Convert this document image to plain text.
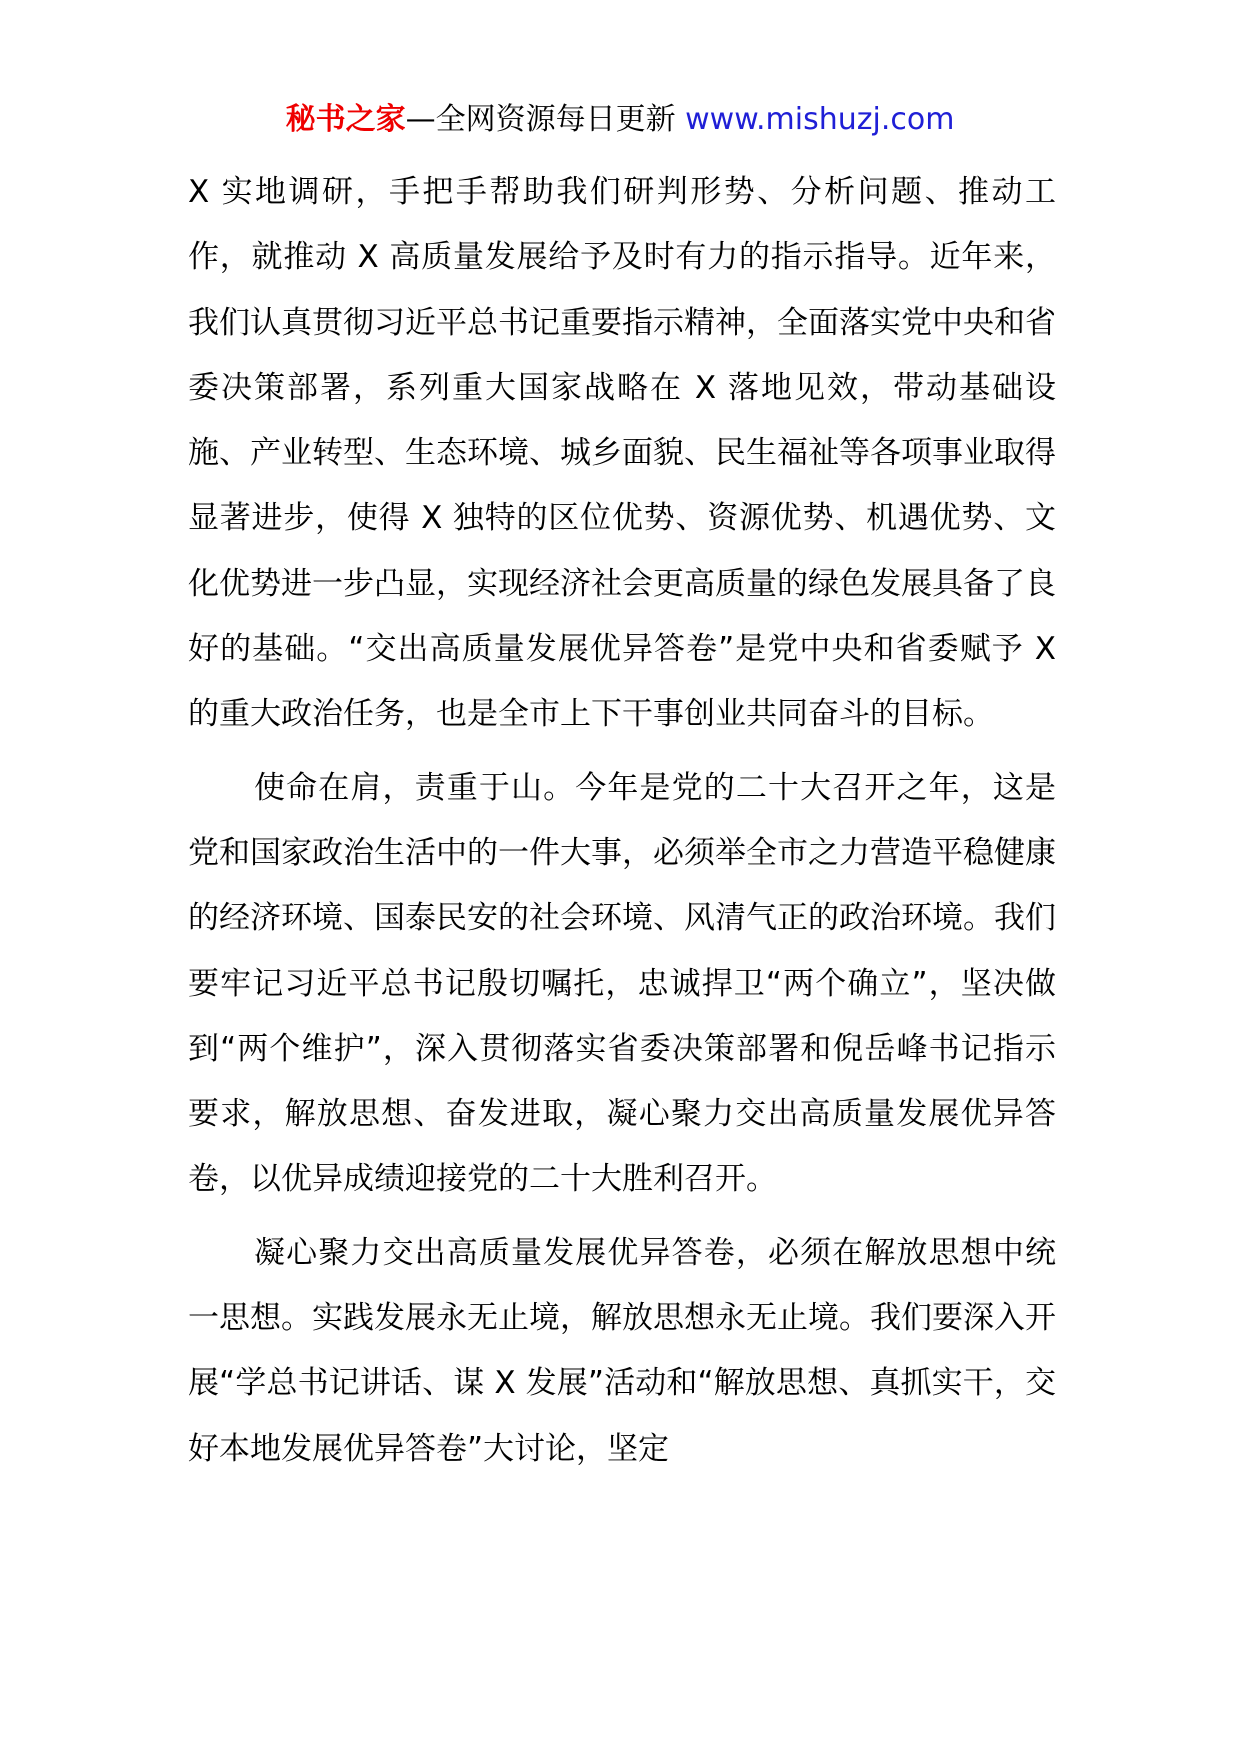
秘书之家—全网资源每日更新 www.mishuzj.com

X 实地调研，手把手帮助我们研判形势、分析问题、推动工作，就推动 X 高质量发展给予及时有力的指示指导。近年来，我们认真贯彻习近平总书记重要指示精神，全面落实党中央和省委决策部署，系列重大国家战略在 X 落地见效，带动基础设施、产业转型、生态环境、城乡面貌、民生福祉等各项事业取得显著进步，使得 X 独特的区位优势、资源优势、机遇优势、文化优势进一步凸显，实现经济社会更高质量的绿色发展具备了良好的基础。“交出高质量发展优异答卷”是党中央和省委赋予 X 的重大政治任务，也是全市上下干事创业共同奋斗的目标。

使命在肩，责重于山。今年是党的二十大召开之年，这是党和国家政治生活中的一件大事，必须举全市之力营造平稳健康的经济环境、国泰民安的社会环境、风清气正的政治环境。我们要牢记习近平总书记殷切嘱托，忠诚捍卫“两个确立”，坚决做到“两个维护”，深入贯彻落实省委决策部署和倪岳峰书记指示要求，解放思想、奋发进取，凝心聚力交出高质量发展优异答卷，以优异成绩迎接党的二十大胜利召开。

凝心聚力交出高质量发展优异答卷，必须在解放思想中统一思想。实践发展永无止境，解放思想永无止境。我们要深入开展“学总书记讲话、谋 X 发展”活动和“解放思想、真抓实干，交好本地发展优异答卷”大讨论，坚定
